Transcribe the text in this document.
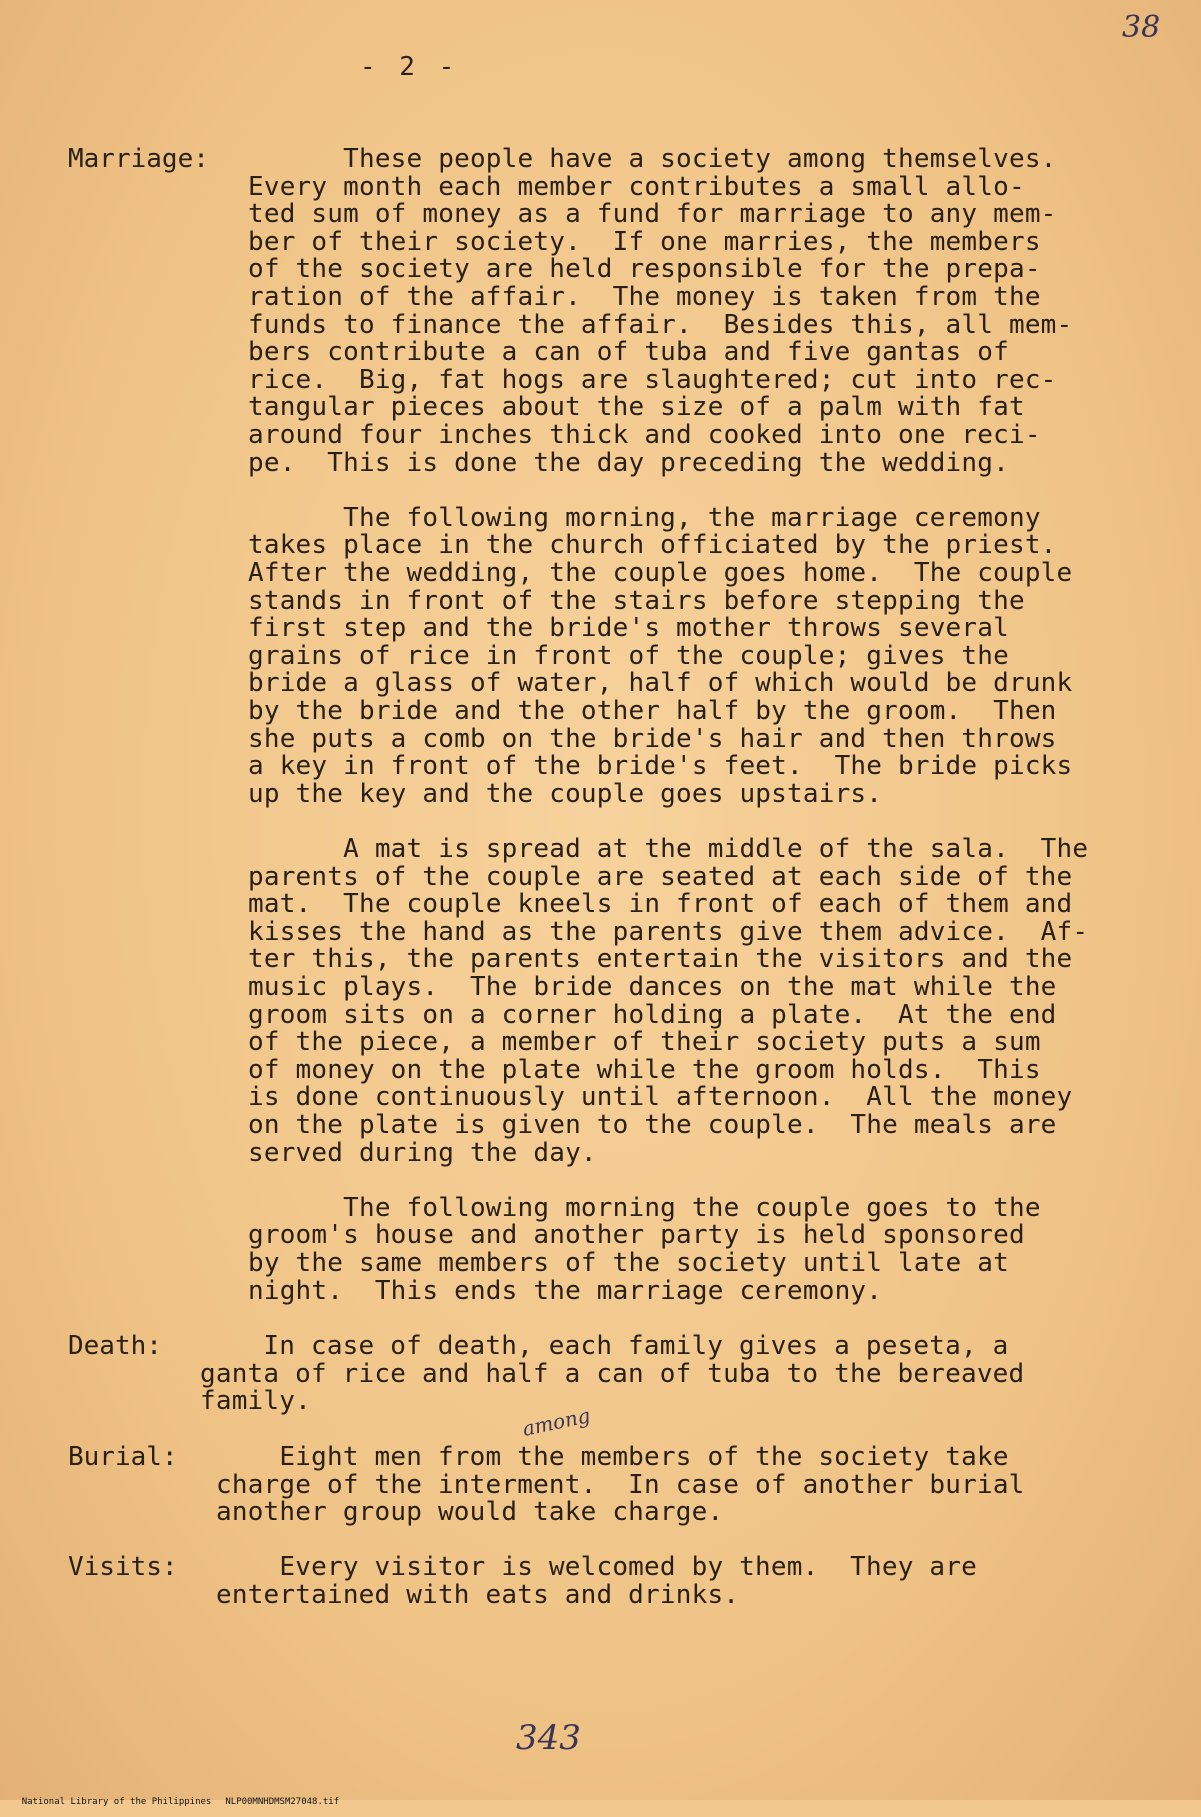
38
- 2 -
Marriage: These people have a society among themselves.
Every month each member contributes a small allo-
ted sum of money as a fund for marriage to any mem-
ber of their society.  If one marries, the members
of the society are held responsible for the prepa-
ration of the affair.  The money is taken from the
funds to finance the affair.  Besides this, all mem-
bers contribute a can of tuba and five gantas of
rice.  Big, fat hogs are slaughtered; cut into rec-
tangular pieces about the size of a palm with fat
around four inches thick and cooked into one reci-
pe.  This is done the day preceding the wedding.
The following morning, the marriage ceremony
takes place in the church officiated by the priest.
After the wedding, the couple goes home.  The couple
stands in front of the stairs before stepping the
first step and the bride's mother throws several
grains of rice in front of the couple; gives the
bride a glass of water, half of which would be drunk
by the bride and the other half by the groom.  Then
she puts a comb on the bride's hair and then throws
a key in front of the bride's feet.  The bride picks
up the key and the couple goes upstairs.
A mat is spread at the middle of the sala.  The
parents of the couple are seated at each side of the
mat.  The couple kneels in front of each of them and
kisses the hand as the parents give them advice.  Af-
ter this, the parents entertain the visitors and the
music plays.  The bride dances on the mat while the
groom sits on a corner holding a plate.  At the end
of the piece, a member of their society puts a sum
of money on the plate while the groom holds.  This
is done continuously until afternoon.  All the money
on the plate is given to the couple.  The meals are
served during the day.
The following morning the couple goes to the
groom's house and another party is held sponsored
by the same members of the society until late at
night.  This ends the marriage ceremony.
Death: In case of death, each family gives a peseta, a
ganta of rice and half a can of tuba to the bereaved
family.
Burial:
among
Eight men from the members of the society take
charge of the interment.  In case of another burial
another group would take charge.
Visits: Every visitor is welcomed by them.  They are
entertained with eats and drinks.
343

National Library of the Philippines NLP00MNHDMSM27048.tif
